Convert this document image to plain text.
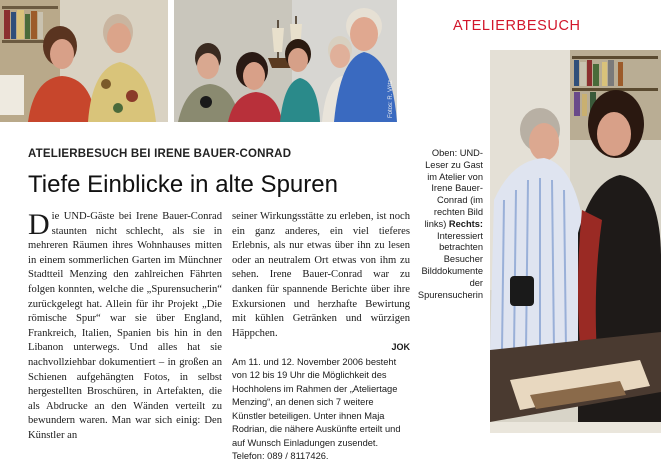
Fotos: R. Vötz
ATELIERBESUCH
Oben: UND-Leser zu Gast im Atelier von Irene Bauer-Conrad (im rechten Bild links) Rechts: Interessiert betrachten Besucher Bilddokumente der Spurensucherin
ATELIERBESUCH BEI IRENE BAUER-CONRAD
Tiefe Einblicke in alte Spuren
D ie UND-Gäste bei Irene Bauer-Conrad staunten nicht schlecht, als sie in mehreren Räumen ihres Wohnhauses mitten in einem sommerlichen Garten im Münchner Stadtteil Menzing den zahlreichen Fährten folgen konnten, welche die „Spurensucherin“ zurückgelegt hat. Allein für ihr Projekt „Die römische Spur“ war sie über England, Frankreich, Italien, Spanien bis hin in den Libanon unterwegs. Und alles hat sie nachvollziehbar dokumentiert – in großen an Schienen aufgehängten Fotos, in selbst hergestellten Broschüren, in Artefakten, die als Abdrucke an den Wänden verteilt zu bewundern waren. Man war sich einig: Den Künstler an

seiner Wirkungsstätte zu erleben, ist noch ein ganz anderes, ein viel tieferes Erlebnis, als nur etwas über ihn zu lesen oder an neutralem Ort etwas von ihm zu sehen. Irene Bauer-Conrad war zu danken für spannende Berichte über ihre Exkursionen und herzhafte Bewirtung mit kühlen Getränken und würzigen Häppchen.

JOK
Am 11. und 12. November 2006 besteht von 12 bis 19 Uhr die Möglichkeit des Hochholens im Rahmen der „Ateliertage Menzing“, an denen sich 7 weitere Künstler beteiligen. Unter ihnen Maja Rodrian, die nähere Auskünfte erteilt und auf Wunsch Einladungen zusendet. Telefon: 089 / 8117426.
